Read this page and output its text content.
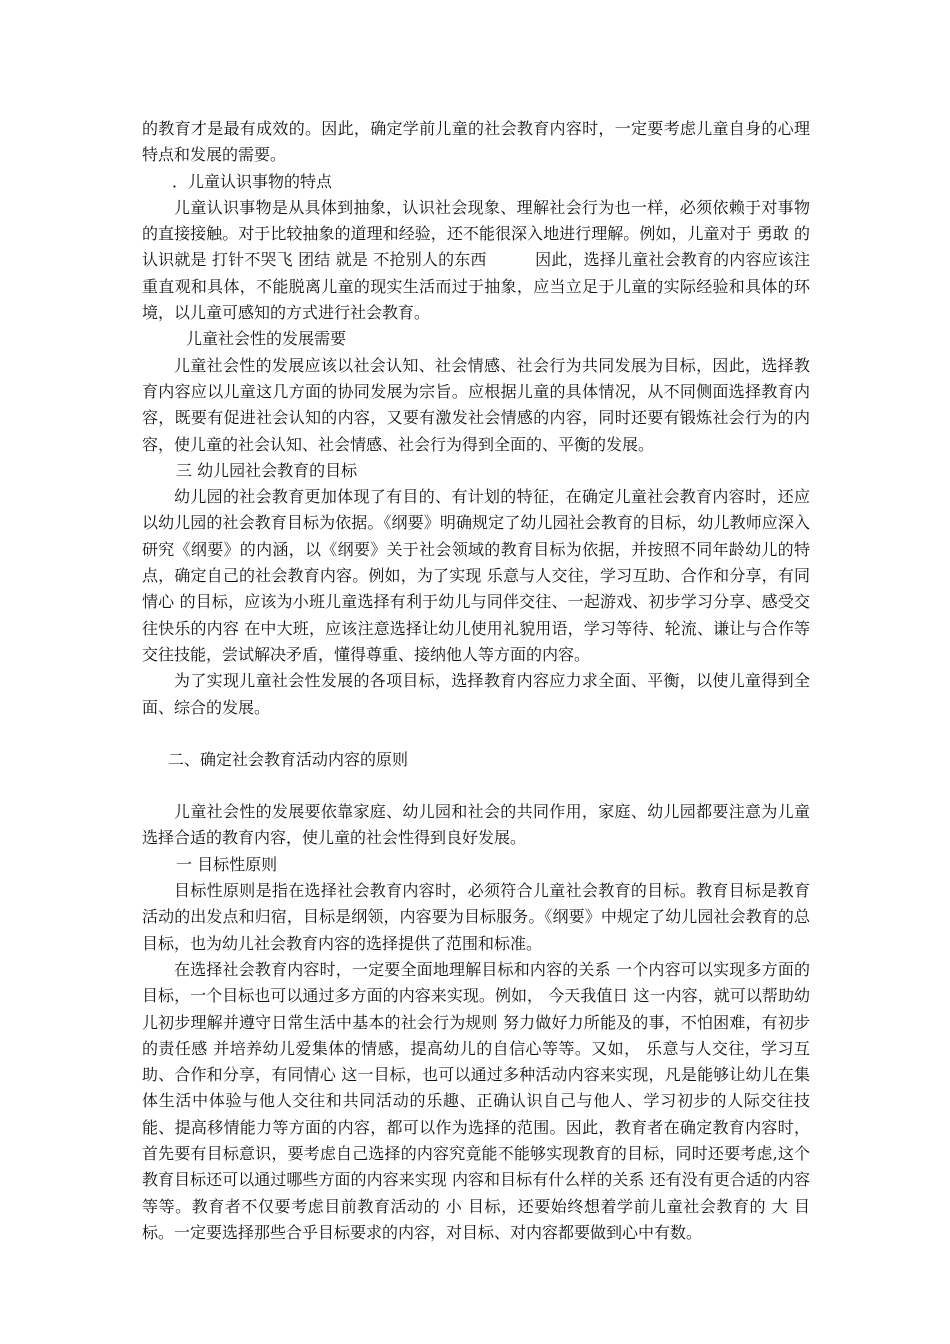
的教育才是最有成效的。因此，确定学前儿童的社会教育内容时，一定要考虑儿童自身的心理特点和发展的需要。

．儿童认识事物的特点

儿童认识事物是从具体到抽象，认识社会现象、理解社会行为也一样，必须依赖于对事物的直接接触。对于比较抽象的道理和经验，还不能很深入地进行理解。例如，儿童对于 勇敢 的认识就是 打针不哭飞 团结 就是 不抢别人的东西　　　因此，选择儿童社会教育的内容应该注重直观和具体，不能脱离儿童的现实生活而过于抽象，应当立足于儿童的实际经验和具体的环境，以儿童可感知的方式进行社会教育。

儿童社会性的发展需要

儿童社会性的发展应该以社会认知、社会情感、社会行为共同发展为目标，因此，选择教育内容应以儿童这几方面的协同发展为宗旨。应根据儿童的具体情况，从不同侧面选择教育内容，既要有促进社会认知的内容，又要有激发社会情感的内容，同时还要有锻炼社会行为的内容，使儿童的社会认知、社会情感、社会行为得到全面的、平衡的发展。

三 幼儿园社会教育的目标

幼儿园的社会教育更加体现了有目的、有计划的特征，在确定儿童社会教育内容时，还应以幼儿园的社会教育目标为依据。《纲要》明确规定了幼儿园社会教育的目标，幼儿教师应深入研究《纲要》的内涵，以《纲要》关于社会领域的教育目标为依据，并按照不同年龄幼儿的特点，确定自己的社会教育内容。例如，为了实现 乐意与人交往，学习互助、合作和分享，有同情心 的目标，应该为小班儿童选择有利于幼儿与同伴交往、一起游戏、初步学习分享、感受交往快乐的内容 在中大班，应该注意选择让幼儿使用礼貌用语，学习等待、轮流、谦让与合作等交往技能，尝试解决矛盾，懂得尊重、接纳他人等方面的内容。

为了实现儿童社会性发展的各项目标，选择教育内容应力求全面、平衡，以使儿童得到全面、综合的发展。

二、确定社会教育活动内容的原则

儿童社会性的发展要依靠家庭、幼儿园和社会的共同作用，家庭、幼儿园都要注意为儿童选择合适的教育内容，使儿童的社会性得到良好发展。

一 目标性原则

目标性原则是指在选择社会教育内容时，必须符合儿童社会教育的目标。教育目标是教育活动的出发点和归宿，目标是纲领，内容要为目标服务。《纲要》中规定了幼儿园社会教育的总目标，也为幼儿社会教育内容的选择提供了范围和标准。

在选择社会教育内容时，一定要全面地理解目标和内容的关系 一个内容可以实现多方面的目标，一个目标也可以通过多方面的内容来实现。例如， 今天我值日 这一内容，就可以帮助幼儿初步理解并遵守日常生活中基本的社会行为规则 努力做好力所能及的事，不怕困难，有初步的责任感 并培养幼儿爱集体的情感，提高幼儿的自信心等等。又如， 乐意与人交往，学习互助、合作和分享，有同情心 这一目标，也可以通过多种活动内容来实现，凡是能够让幼儿在集体生活中体验与他人交往和共同活动的乐趣、正确认识自己与他人、学习初步的人际交往技能、提高移情能力等方面的内容，都可以作为选择的范围。因此，教育者在确定教育内容时，首先要有目标意识，要考虑自己选择的内容究竟能不能够实现教育的目标，同时还要考虑,这个教育目标还可以通过哪些方面的内容来实现 内容和目标有什么样的关系 还有没有更合适的内容 等等。教育者不仅要考虑目前教育活动的 小 目标，还要始终想着学前儿童社会教育的 大 目标。一定要选择那些合乎目标要求的内容，对目标、对内容都要做到心中有数。
